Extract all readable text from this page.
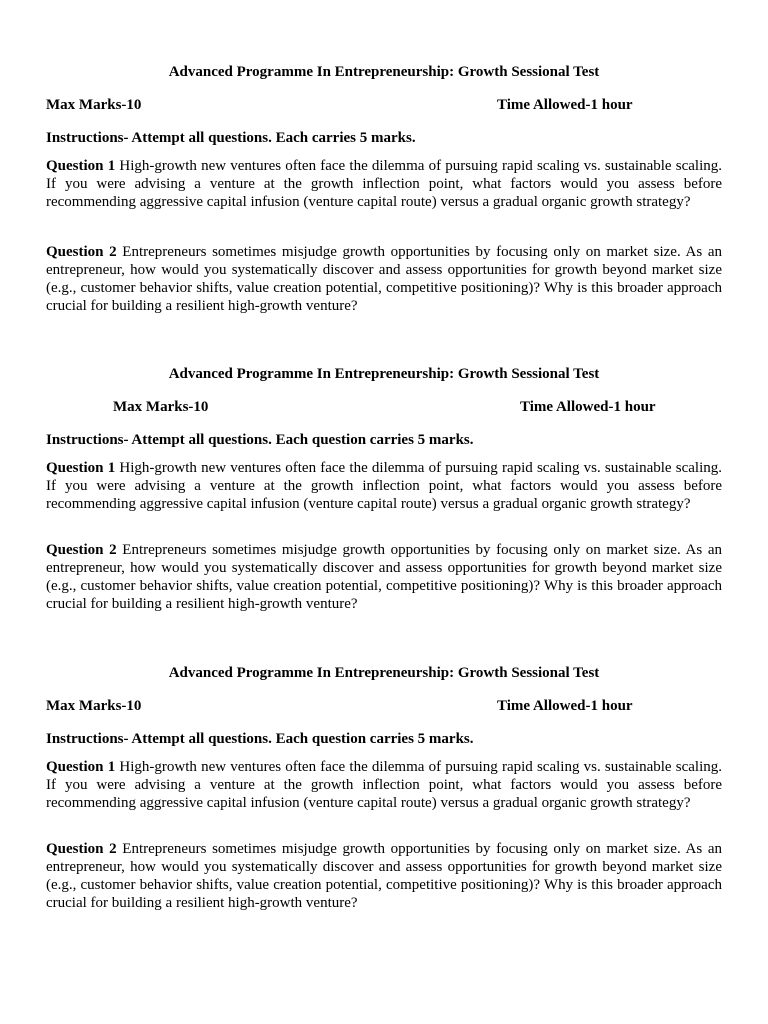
Advanced Programme In Entrepreneurship: Growth Sessional Test

Max Marks-10	Time Allowed-1 hour

Instructions- Attempt all questions. Each carries 5 marks.

Question 1 High-growth new ventures often face the dilemma of pursuing rapid scaling vs. sustainable scaling. If you were advising a venture at the growth inflection point, what factors would you assess before recommending aggressive capital infusion (venture capital route) versus a gradual organic growth strategy?

Question 2 Entrepreneurs sometimes misjudge growth opportunities by focusing only on market size. As an entrepreneur, how would you systematically discover and assess opportunities for growth beyond market size (e.g., customer behavior shifts, value creation potential, competitive positioning)? Why is this broader approach crucial for building a resilient high-growth venture?

Advanced Programme In Entrepreneurship: Growth Sessional Test

Max Marks-10	Time Allowed-1 hour

Instructions- Attempt all questions. Each question carries 5 marks.

Question 1 High-growth new ventures often face the dilemma of pursuing rapid scaling vs. sustainable scaling. If you were advising a venture at the growth inflection point, what factors would you assess before recommending aggressive capital infusion (venture capital route) versus a gradual organic growth strategy?

Question 2 Entrepreneurs sometimes misjudge growth opportunities by focusing only on market size. As an entrepreneur, how would you systematically discover and assess opportunities for growth beyond market size (e.g., customer behavior shifts, value creation potential, competitive positioning)? Why is this broader approach crucial for building a resilient high-growth venture?

Advanced Programme In Entrepreneurship: Growth Sessional Test

Max Marks-10	Time Allowed-1 hour

Instructions- Attempt all questions. Each question carries 5 marks.

Question 1 High-growth new ventures often face the dilemma of pursuing rapid scaling vs. sustainable scaling. If you were advising a venture at the growth inflection point, what factors would you assess before recommending aggressive capital infusion (venture capital route) versus a gradual organic growth strategy?

Question 2 Entrepreneurs sometimes misjudge growth opportunities by focusing only on market size. As an entrepreneur, how would you systematically discover and assess opportunities for growth beyond market size (e.g., customer behavior shifts, value creation potential, competitive positioning)? Why is this broader approach crucial for building a resilient high-growth venture?
